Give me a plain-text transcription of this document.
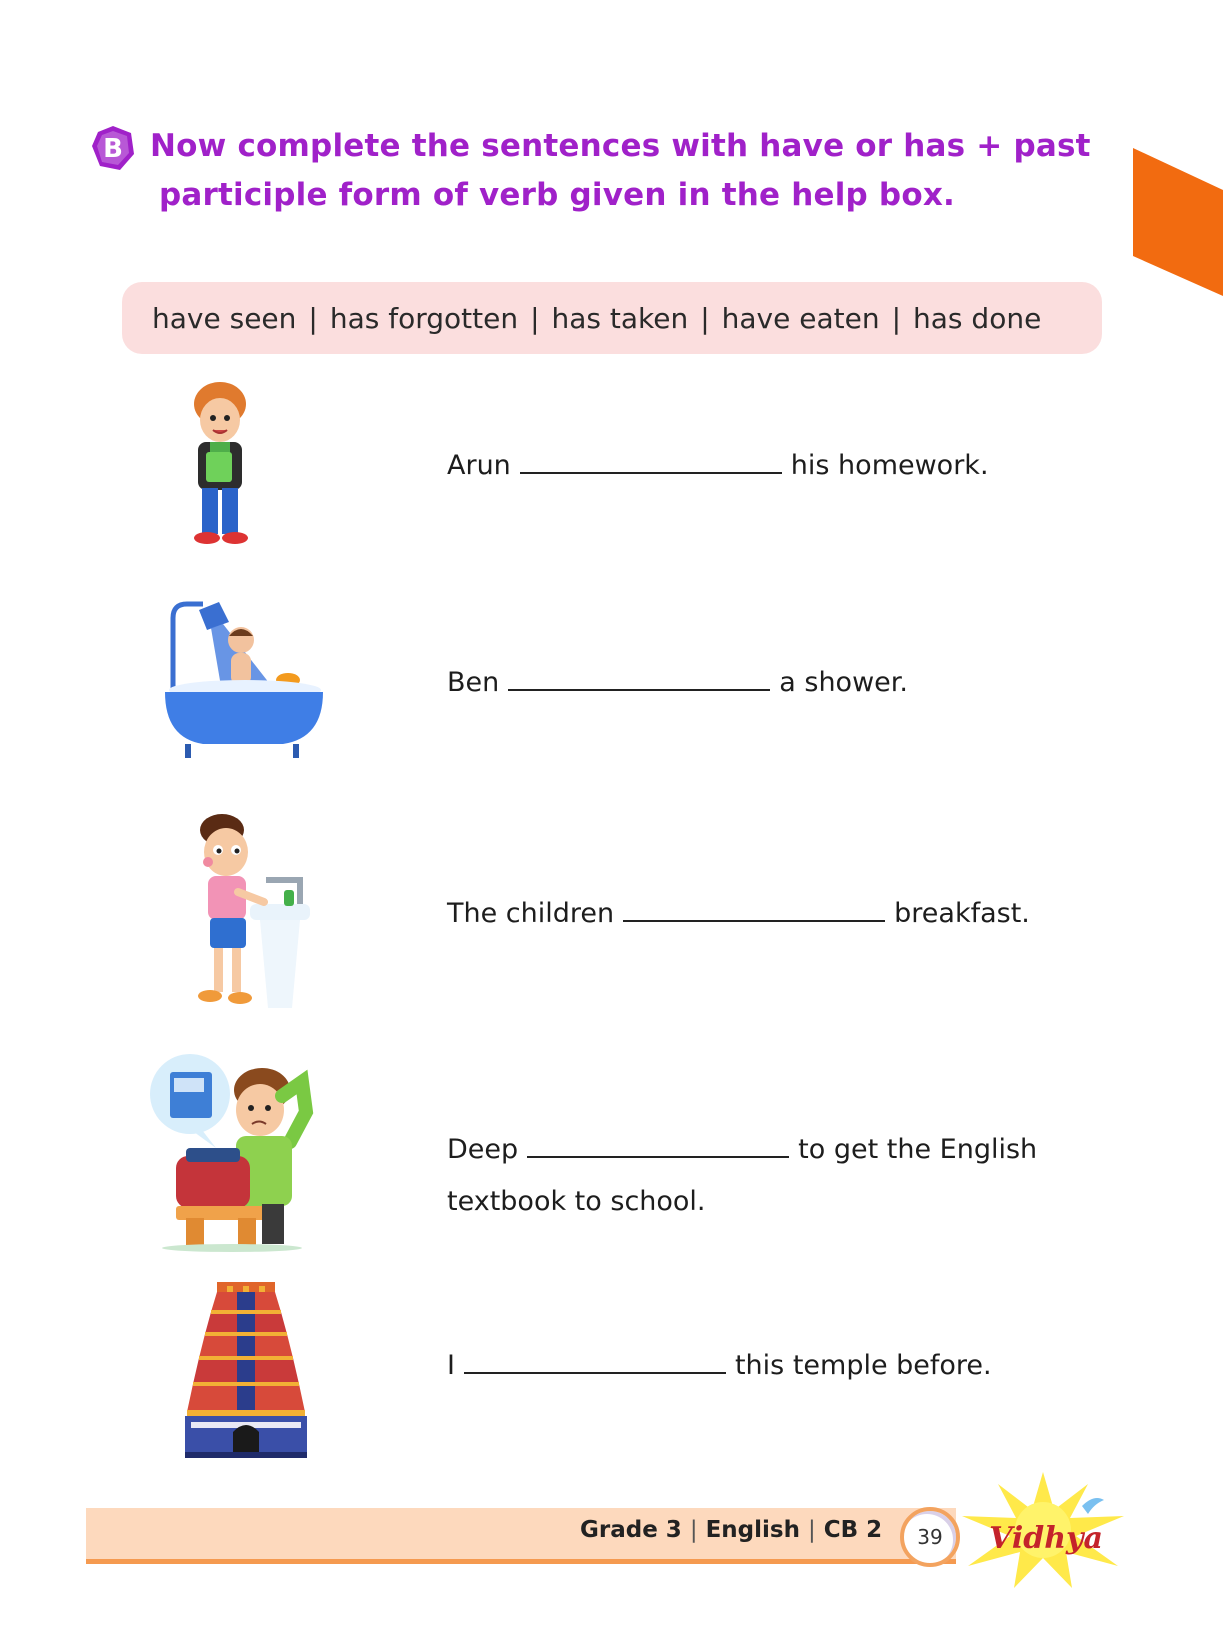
B Now complete the sentences with have or has + past
participle form of verb given in the help box.
have seen | has forgotten | has taken | have eaten | has done
Arun	his homework.
Ben	a shower.
The children	breakfast.
Deep	to get the English
textbook to school.
I	this temple before.
Grade 3 | English | CB 2	39	Vidhya
